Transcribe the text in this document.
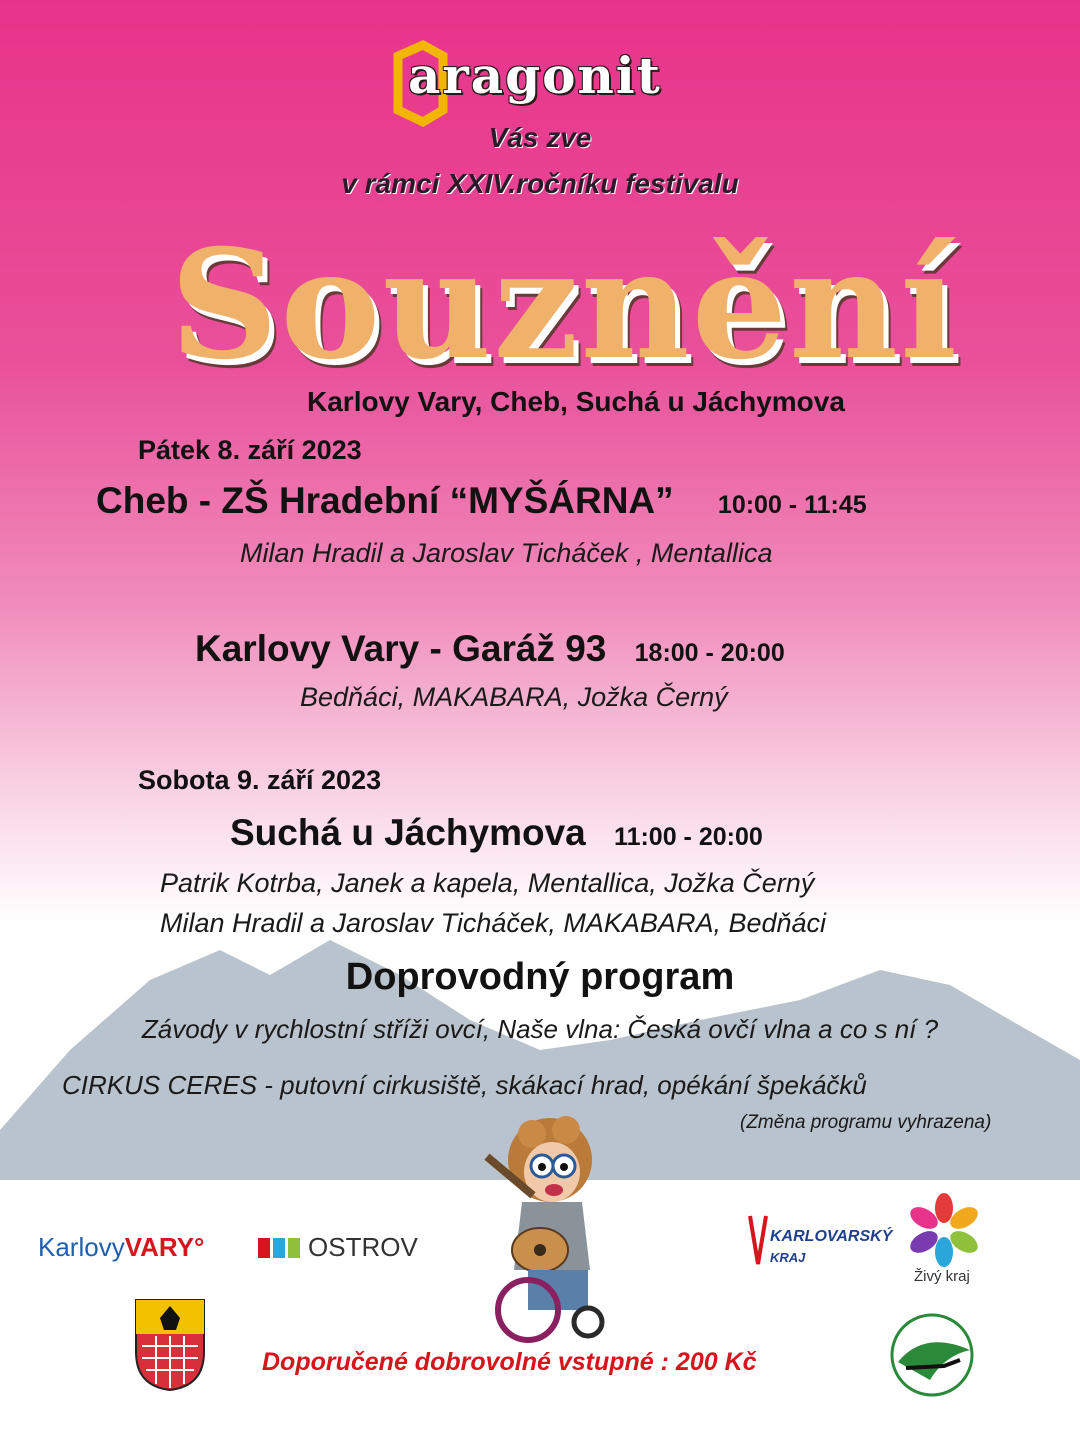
aragonit
Vás zve
v rámci XXIV.ročníku festivalu
Souznění
Karlovy Vary, Cheb, Suchá u Jáchymova
Pátek 8. září 2023
Cheb - ZŠ Hradební “MYŠÁRNA” 10:00 - 11:45
Milan Hradil a Jaroslav Ticháček , Mentallica
Karlovy Vary - Garáž 93 18:00 - 20:00
Bedňáci, MAKABARA, Jožka Černý
Sobota 9. září 2023
Suchá u Jáchymova 11:00 - 20:00
Patrik Kotrba, Janek a kapela, Mentallica, Jožka Černý
Milan Hradil a Jaroslav Ticháček, MAKABARA, Bedňáci
Doprovodný program
Závody v rychlostní stříži ovcí, Naše vlna: Česká ovčí vlna a co s ní ?
CIRKUS CERES - putovní cirkusiště, skákací hrad, opékání špekáčků
(Změna programu vyhrazena)
KarlovyVARY°	OSTROV	KARLOVARSKÝ
KRAJ
Živý kraj
Doporučené dobrovolné vstupné : 200 Kč
